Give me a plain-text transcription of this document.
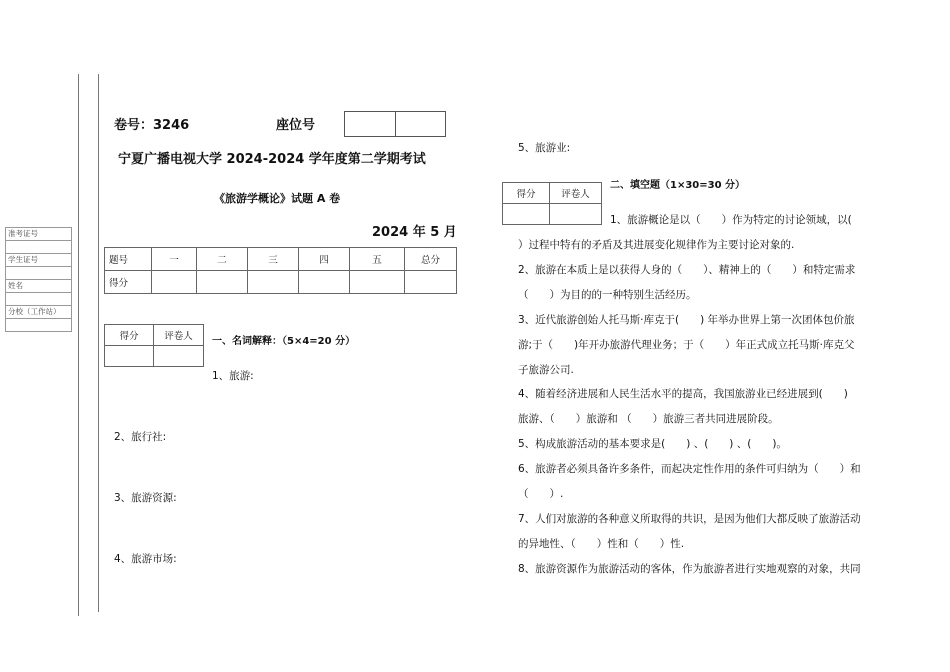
准考证号
学生证号
姓名
分校（工作站）
卷号：3246	座位号
宁夏广播电视大学 2024-2024 学年度第二学期考试
《旅游学概论》试题 A 卷
2024 年 5 月
题号	一	二	三	四	五	总分
得分						
得分	评卷人
	一、名词解释：（5×4=20 分）
1、旅游:
2、旅行社:
3、旅游资源:
4、旅游市场:
5、旅游业:
得分	评卷人

二、填空题（1×30=30 分）
1、旅游概论是以（　　）作为特定的讨论领域，以(
）过程中特有的矛盾及其进展变化规律作为主要讨论对象的.
2、旅游在本质上是以获得人身的（　　）、精神上的（　　）和特定需求
（　　）为目的的一种特别生活经历。
3、近代旅游创始人托马斯·库克于(　　) 年举办世界上第一次团体包价旅
游;于（　　)年开办旅游代理业务；于（　　）年正式成立托马斯·库克父
子旅游公司.
4、随着经济进展和人民生活水平的提高，我国旅游业已经进展到(　　)
旅游、（　　）旅游和 （　　）旅游三者共同进展阶段。
5、构成旅游活动的基本要求是(　　) 、(　　) 、(　　)。
6、旅游者必须具备许多条件，而起决定性作用的条件可归纳为（　　）和
（　　）.
7、人们对旅游的各种意义所取得的共识，是因为他们大都反映了旅游活动
的异地性、（　　）性和（　　）性.
8、旅游资源作为旅游活动的客体，作为旅游者进行实地观察的对象，共同
